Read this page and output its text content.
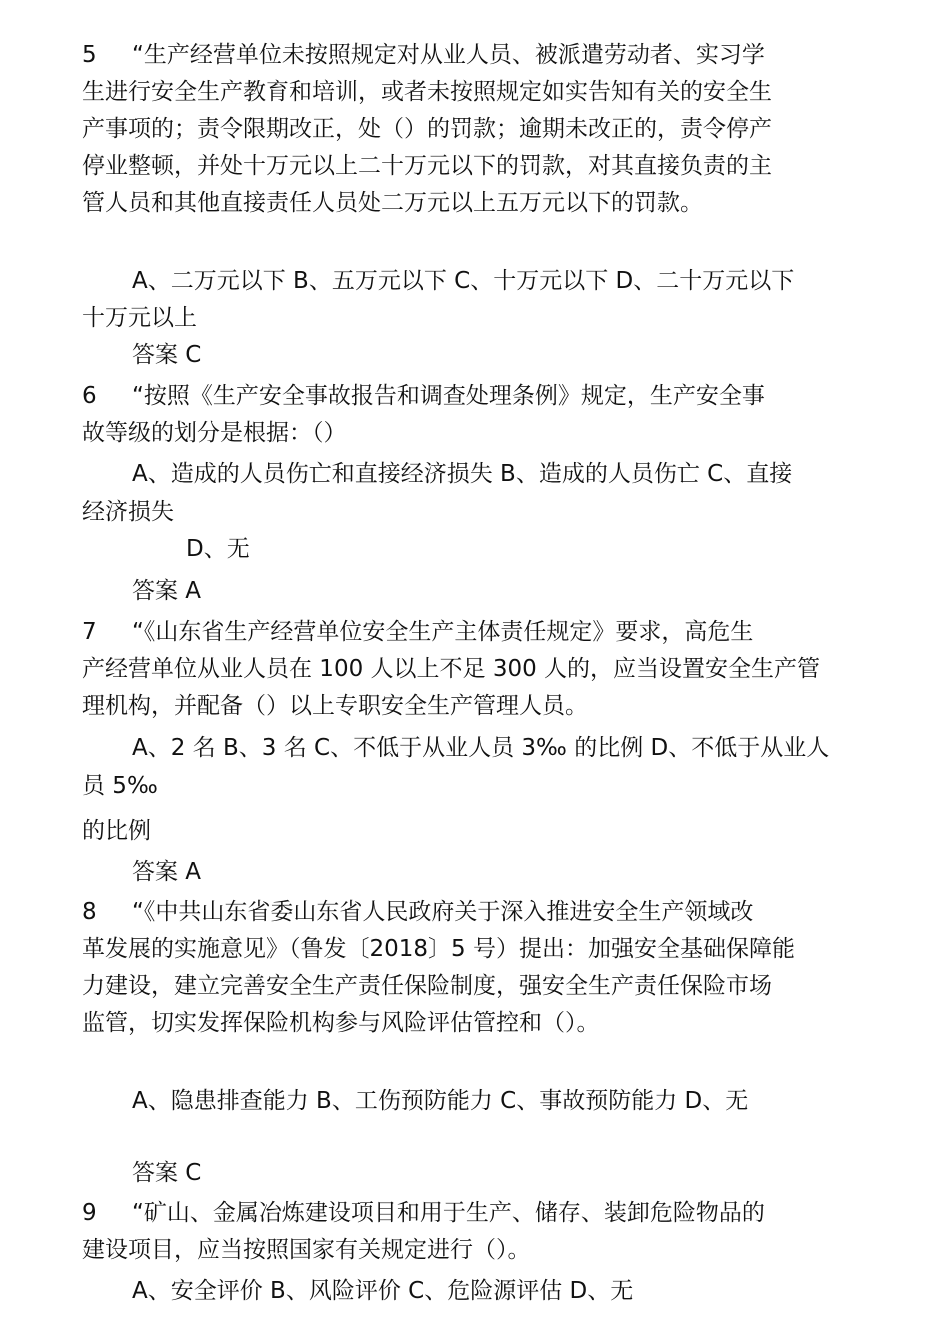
5 “生产经营单位未按照规定对从业人员、被派遣劳动者、实习学
生进行安全生产教育和培训，或者未按照规定如实告知有关的安全生
产事项的；责令限期改正，处（）的罚款；逾期未改正的，责令停产
停业整顿，并处十万元以上二十万元以下的罚款，对其直接负责的主
管人员和其他直接责任人员处二万元以上五万元以下的罚款。
A、二万元以下 B、五万元以下 C、十万元以下 D、二十万元以下
十万元以上
答案 C
6 “按照《生产安全事故报告和调查处理条例》规定，生产安全事
故等级的划分是根据：（）
A、造成的人员伤亡和直接经济损失 B、造成的人员伤亡 C、直接
经济损失
D、无
答案 A
7 “《山东省生产经营单位安全生产主体责任规定》要求，高危生
产经营单位从业人员在 100 人以上不足 300 人的，应当设置安全生产管
理机构，并配备（）以上专职安全生产管理人员。
A、2 名 B、3 名 C、不低于从业人员 3‰ 的比例 D、不低于从业人
员 5‰
的比例
答案 A
8 “《中共山东省委山东省人民政府关于深入推进安全生产领域改
革发展的实施意见》（鲁发〔2018〕5 号）提出：加强安全基础保障能
力建设，建立完善安全生产责任保险制度，强安全生产责任保险市场
监管，切实发挥保险机构参与风险评估管控和（）。
A、隐患排查能力 B、工伤预防能力 C、事故预防能力 D、无
答案 C
9 “矿山、金属冶炼建设项目和用于生产、储存、装卸危险物品的
建设项目，应当按照国家有关规定进行（）。
A、安全评价 B、风险评价 C、危险源评估 D、无
